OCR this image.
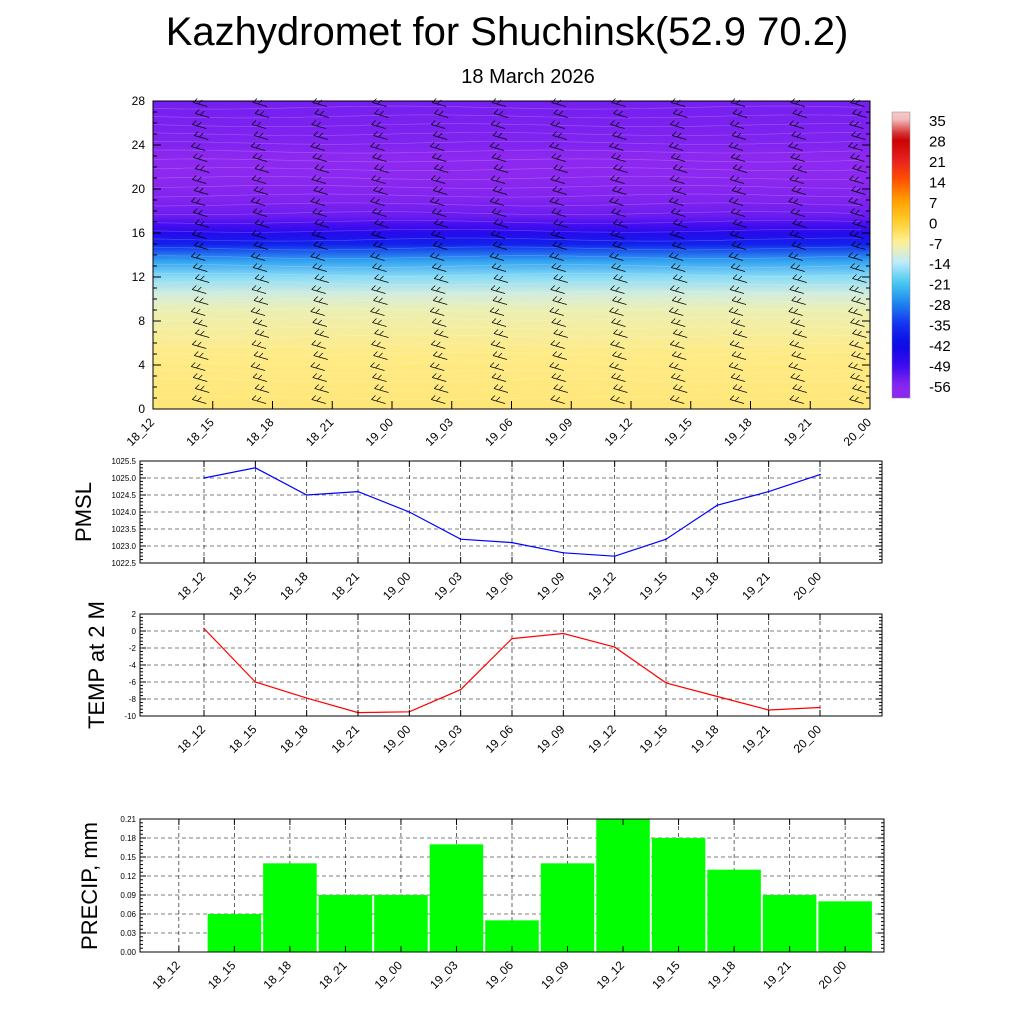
Kazhydromet for Shuchinsk(52.9 70.2)
18 March 2026
0
4
8
12
16
20
24
28
18_12 18_15 18_18 18_21 19_00 19_03 19_06 19_09 19_12 19_15 19_18 19_21 20_00
35
28
21
14
7
0
-7
-14
-21
-28
-35
-42
-49
-56
1022.5
1023.0
1023.5
1024.0
1024.5
1025.0
1025.5
18_12 18_15 18_18 18_21 19_00 19_03 19_06 19_09 19_12 19_15 19_18 19_21 20_00
PMSL
-10
-8
-6
-4
-2
0
2
18_12 18_15 18_18 18_21 19_00 19_03 19_06 19_09 19_12 19_15 19_18 19_21 20_00
TEMP at 2 M
0.00
0.03
0.06
0.09
0.12
0.15
0.18
0.21
18_12 18_15 18_18 18_21 19_00 19_03 19_06 19_09 19_12 19_15 19_18 19_21 20_00
PRECIP, mm
